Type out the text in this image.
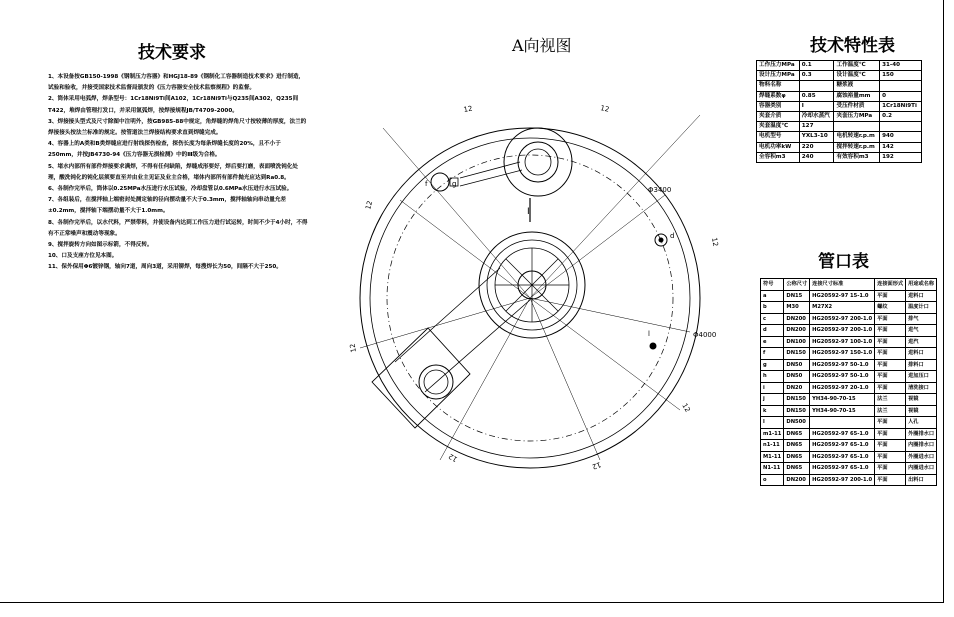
技术要求	A向视图	技术特性表
管口表
1、本设备按GB150-1998《钢制压力容器》和HGJ18-89《钢制化工容器制造技术要求》进行制造，试验和验收，并接受国家技术监督局颁发的《压力容器安全技术监察规程》的监督。
2、筒体采用电弧焊，焊条型号：1Cr18Ni9Ti间A102，1Cr18Ni9Ti与Q235间A302，Q235间T422，堆焊由管理打发口，并采用氩弧焊，按焊接规程JB/T4709-2000。
3、焊接接头型式及尺寸除图中注明外，按GB985-88中规定，角焊缝的焊角尺寸按较薄的厚度，法兰的焊接接头按法兰标准的规定。按管道法兰焊接结构要求直到焊缝完成。
4、容器上的A类和B类焊缝应进行射线探伤检查，探伤长度为每条焊缝长度的20%，且不小于250mm，并按JB4730-94《压力容器无损检测》中的Ⅲ级为合格。
5、堵水内部所有部件焊接要求满焊，不得有任何缺陷，焊缝成形要好，焊后要打磨，表面喷洗钝化处理，酸洗钝化的钝化层须要直至并由业主见证及业主合格，堵体内部所有部件抛光应达到Ra0.8。
6、各制作完毕后，筒体以0.25MPa水压进行水压试验，冷却盘管以0.6MPa水压进行水压试验。
7、各组装后，在搅拌轴上端密封处测定轴的径向摆动量不大于0.3mm，搅拌轴轴向串动量允差±0.2mm，搅拌轴下端摆动量不大于1.0mm。
8、各制作完毕后，以水代料，严禁带料，并使设备内达到工作压力进行试运转，时间不少于4小时，不得有不正常噪声和震动等现象。
9、搅拌旋转方向如图示标箭，不得反转。
10、口及支座方位见本图。
11、保外保用Φ6镀锌钢，轴向7道，周向3道，采用铆焊，每搜焊长为50，间隔不大于250。
工作压力MPa	0.1	工作温度℃	31-40
设计压力MPa	0.3	设计温度℃	150
物料名称		糖浆液	
焊缝系数φ	0.85	腐蚀裕量mm	0
容器类别	I	受压件材质	1Cr18Ni9Ti
夹套介质	冷却水蒸汽	夹套压力MPa	0.2
夹套温度℃	127		
电机型号	YXL3-10	电机转速r.p.m	940
电机功率kW	220	搅拌转速r.p.m	142
全容积m3	240	有效容积m3	192
符号	公称尺寸	连接尺寸标准	连接面形式	用途或名称
a	DN15	HG20592-97 15-1.0	平面	进料口
b	M30	M27X2	螺纹	温度计口
c	DN200	HG20592-97 200-1.0	平面	排气
d	DN200	HG20592-97 200-1.0	平面	进气
e	DN100	HG20592-97 100-1.0	平面	进汽
f	DN150	HG20592-97 150-1.0	平面	进料口
g	DN50	HG20592-97 50-1.0	平面	排料口
h	DN50	HG20592-97 50-1.0	平面	进加压口
i	DN20	HG20592-97 20-1.0	平面	清洗接口
j	DN150	YH34-90-70-15	法兰	视镜
k	DN150	YH34-90-70-15	法兰	视镜
l	DN500		平面	人孔
m1-11	DN65	HG20592-97 65-1.0	平面	外圈排水口
n1-11	DN65	HG20592-97 65-1.0	平面	内圈排水口
M1-11	DN65	HG20592-97 65-1.0	平面	外圈进水口
N1-11	DN65	HG20592-97 65-1.0	平面	内圈进水口
o	DN200	HG20592-97 200-1.0	平面	出料口
Φ3400
Φ4000
I
12	12
12
12
12
12
12
12
g
f
d
l
